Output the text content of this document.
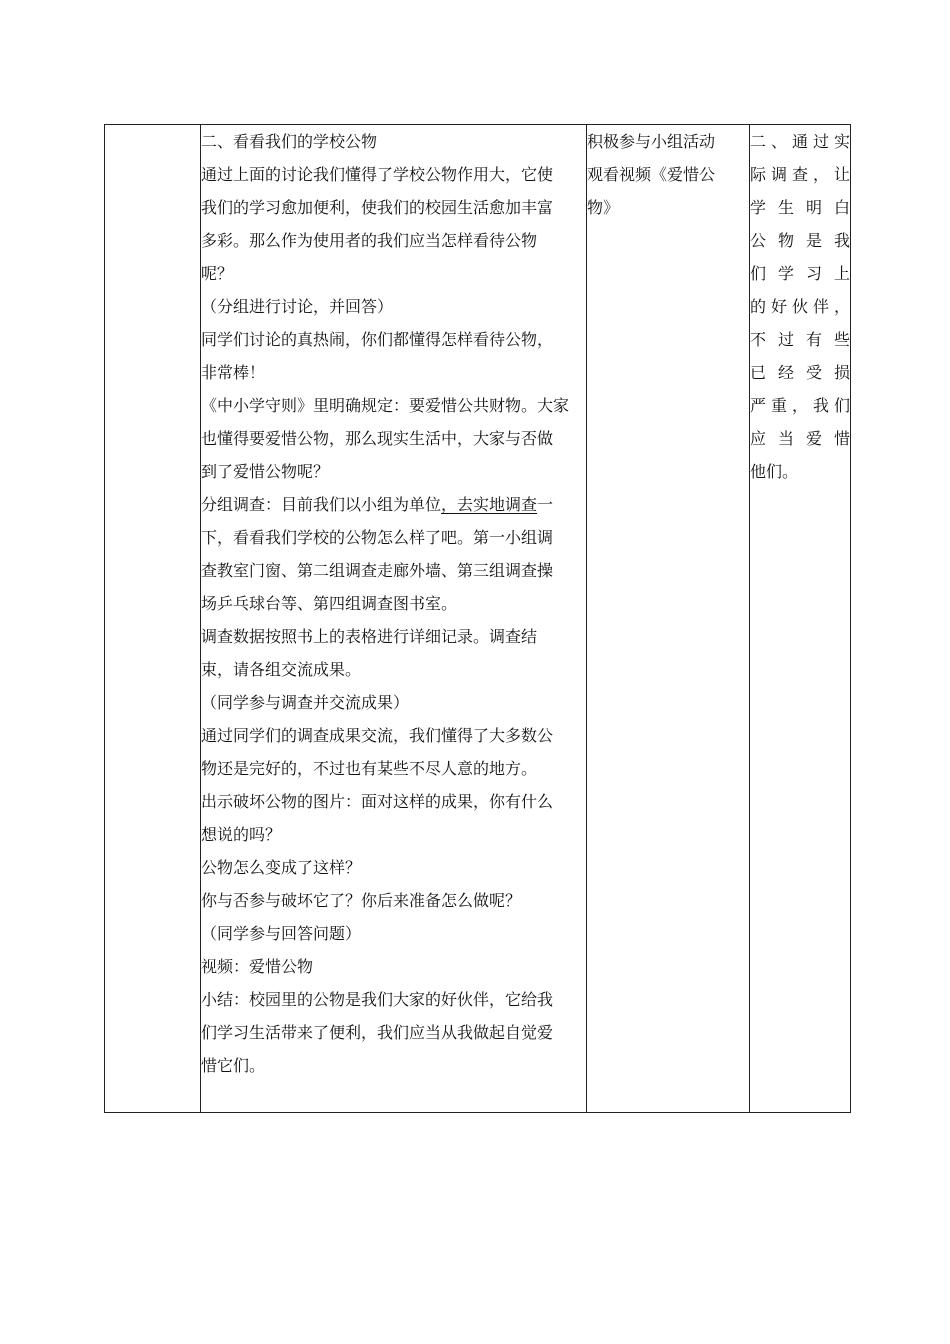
二、看看我们的学校公物
通过上面的讨论我们懂得了学校公物作用大，它使
我们的学习愈加便利，使我们的校园生活愈加丰富
多彩。那么作为使用者的我们应当怎样看待公物
呢？
（分组进行讨论，并回答）
同学们讨论的真热闹，你们都懂得怎样看待公物，
非常棒！
《中小学守则》里明确规定：要爱惜公共财物。大家
也懂得要爱惜公物，那么现实生活中，大家与否做
到了爱惜公物呢？
分组调查：目前我们以小组为单位，去实地调查一
下，看看我们学校的公物怎么样了吧。第一小组调
查教室门窗、第二组调查走廊外墙、第三组调查操
场乒乓球台等、第四组调查图书室。
调查数据按照书上的表格进行详细记录。调查结
束，请各组交流成果。
（同学参与调查并交流成果）
通过同学们的调查成果交流，我们懂得了大多数公
物还是完好的，不过也有某些不尽人意的地方。
出示破坏公物的图片：面对这样的成果，你有什么
想说的吗？
公物怎么变成了这样？
你与否参与破坏它了？你后来准备怎么做呢？
（同学参与回答问题）
视频：爱惜公物
小结：校园里的公物是我们大家的好伙伴，它给我
们学习生活带来了便利，我们应当从我做起自觉爱
惜它们。

积极参与小组活动
观看视频《爱惜公
物》

二、通过实
际调查，让
学生明白
公物是我
们学习上
的好伙伴，
不过有些
已经受损
严重，我们
应当爱惜
他们。
